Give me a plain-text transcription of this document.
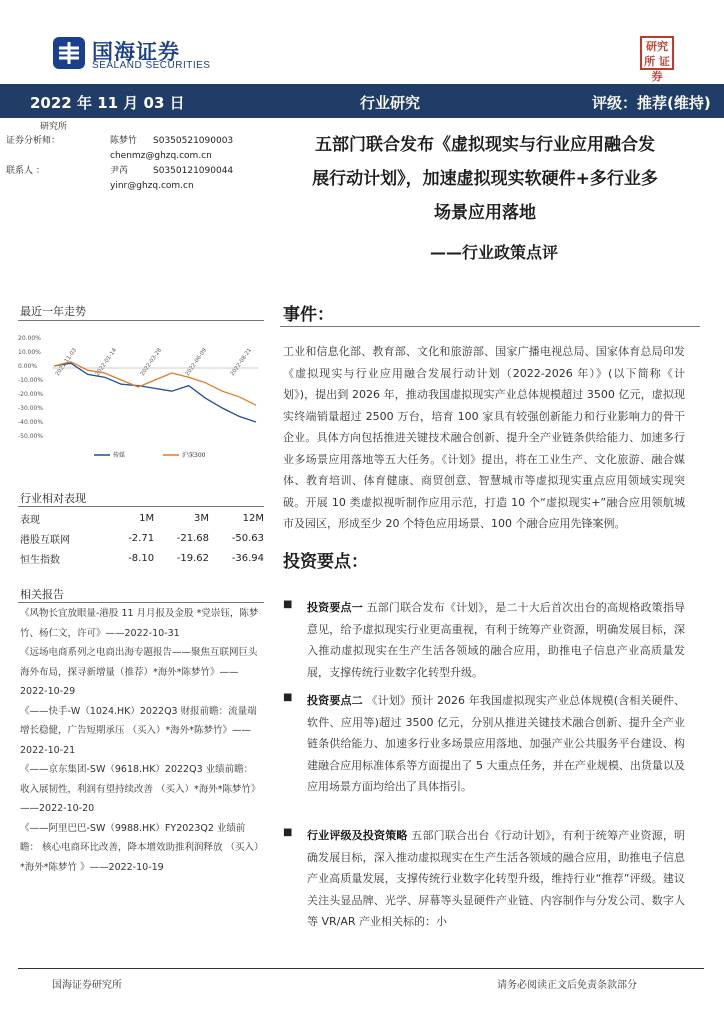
国海证券
SEALAND SECURITIES
研究所 证券
2022 年 11 月 03 日	行业研究	评级：推荐(维持)
研究所
证券分析师：	陈梦竹 S0350521090003
chenmz@ghzq.com.cn
联系人 ：	尹芮	S0350121090044
yinr@ghzq.com.cn
五部门联合发布《虚拟现实与行业应用融合发
展行动计划》，加速虚拟现实软硬件+多行业多
场景应用落地
——行业政策点评
最近一年走势
20.00%
10.00%
0.00%
-10.00%
-20.00%
-30.00%
-40.00%
-50.00%
2021-11-03	2022-01-14	2022-03-28	2022-06-09	2022-08-21
传媒	沪深300
行业相对表现
表现	1M	3M	12M
港股互联网	-2.71	-21.68	-50.63
恒生指数	-8.10	-19.62	-36.94
相关报告
《风物长宜放眼量-港股 11 月月报及金股 *党崇钰，陈梦竹、杨仁文，许可》——2022-10-31
《远场电商系列之电商出海专题报告——聚焦互联网巨头海外布局，探寻新增量（推荐）*海外*陈梦竹》——2022-10-29
《——快手-W（1024.HK）2022Q3 财报前瞻：流量端增长稳健，广告短期承压 （买入）*海外*陈梦竹》——2022-10-21
《——京东集团-SW（9618.HK）2022Q3 业绩前瞻： 收入展韧性，利润有望持续改善 （买入）*海外*陈梦竹》——2022-10-20
《——阿里巴巴-SW（9988.HK）FY2023Q2 业绩前瞻： 核心电商环比改善，降本增效助推利润释放 （买入）*海外*陈梦竹 》——2022-10-19
事件：
工业和信息化部、教育部、文化和旅游部、国家广播电视总局、国家体育总局印发《虚拟现实与行业应用融合发展行动计划（2022-2026 年）》(以下简称《计划》)，提出到 2026 年，推动我国虚拟现实产业总体规模超过 3500 亿元，虚拟现实终端销量超过 2500 万台，培育 100 家具有较强创新能力和行业影响力的骨干企业。具体方向包括推进关键技术融合创新、提升全产业链条供给能力、加速多行业多场景应用落地等五大任务。《计划》提出，将在工业生产、文化旅游、融合媒体、教育培训、体育健康、商贸创意、智慧城市等虚拟现实重点应用领域实现突破。开展 10 类虚拟视听制作应用示范，打造 10 个“虚拟现实+”融合应用领航城市及园区，形成至少 20 个特色应用场景、100 个融合应用先锋案例。
投资要点：
■ 投资要点一 五部门联合发布《计划》，是二十大后首次出台的高规格政策指导意见，给予虚拟现实行业更高重视，有利于统筹产业资源，明确发展目标，深入推动虚拟现实在生产生活各领域的融合应用，助推电子信息产业高质量发展，支撑传统行业数字化转型升级。
■ 投资要点二 《计划》预计 2026 年我国虚拟现实产业总体规模(含相关硬件、软件、应用等)超过 3500 亿元，分别从推进关键技术融合创新、提升全产业链条供给能力、加速多行业多场景应用落地、加强产业公共服务平台建设、构建融合应用标准体系等方面提出了 5 大重点任务，并在产业规模、出货量以及应用场景方面均给出了具体指引。
■ 行业评级及投资策略 五部门联合出台《行动计划》，有利于统筹产业资源，明确发展目标，深入推动虚拟现实在生产生活各领域的融合应用，助推电子信息产业高质量发展，支撑传统行业数字化转型升级，维持行业“推荐”评级。建议关注头显品牌、光学、屏幕等头显硬件产业链、内容制作与分发公司、数字人等 VR/AR 产业相关标的：小
国海证券研究所	请务必阅读正文后免责条款部分
